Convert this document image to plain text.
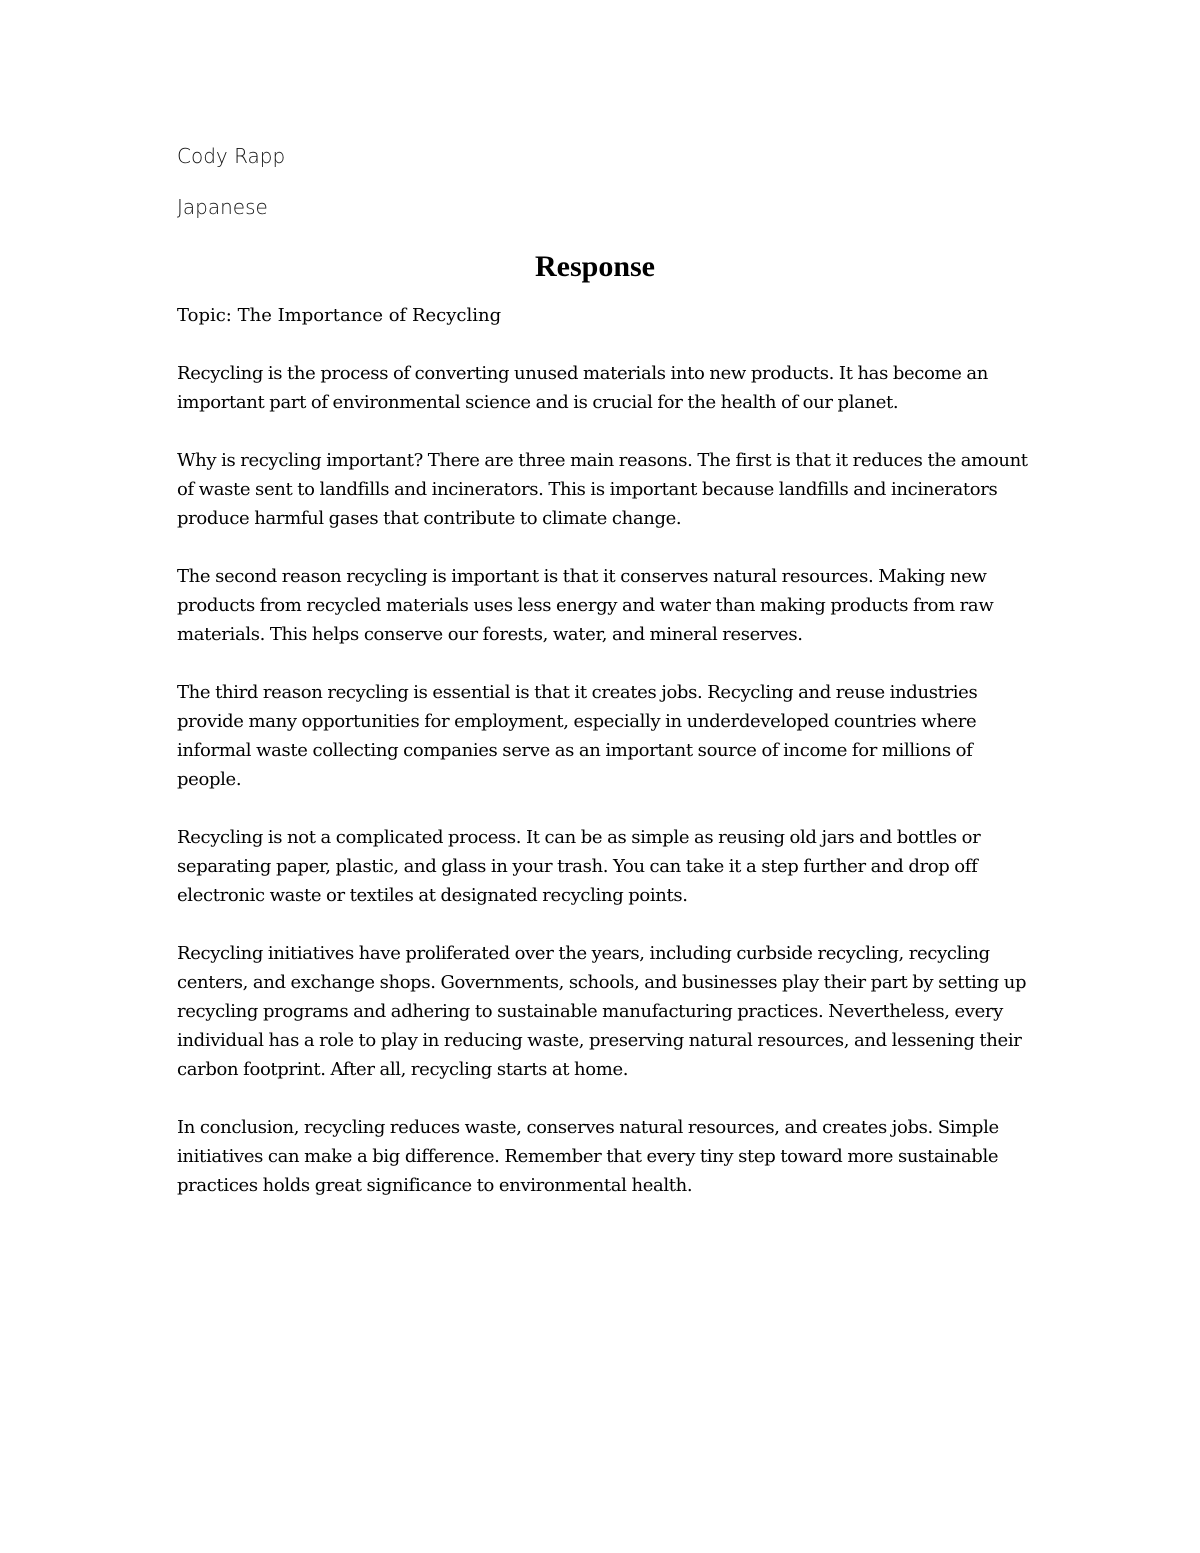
Cody Rapp

Japanese

Response

Topic: The Importance of Recycling

Recycling is the process of converting unused materials into new products. It has become an important part of environmental science and is crucial for the health of our planet.

Why is recycling important? There are three main reasons. The first is that it reduces the amount of waste sent to landfills and incinerators. This is important because landfills and incinerators produce harmful gases that contribute to climate change.

The second reason recycling is important is that it conserves natural resources. Making new products from recycled materials uses less energy and water than making products from raw materials. This helps conserve our forests, water, and mineral reserves.

The third reason recycling is essential is that it creates jobs. Recycling and reuse industries provide many opportunities for employment, especially in underdeveloped countries where informal waste collecting companies serve as an important source of income for millions of people.

Recycling is not a complicated process. It can be as simple as reusing old jars and bottles or separating paper, plastic, and glass in your trash. You can take it a step further and drop off electronic waste or textiles at designated recycling points.

Recycling initiatives have proliferated over the years, including curbside recycling, recycling centers, and exchange shops. Governments, schools, and businesses play their part by setting up recycling programs and adhering to sustainable manufacturing practices. Nevertheless, every individual has a role to play in reducing waste, preserving natural resources, and lessening their carbon footprint. After all, recycling starts at home.

In conclusion, recycling reduces waste, conserves natural resources, and creates jobs. Simple initiatives can make a big difference. Remember that every tiny step toward more sustainable practices holds great significance to environmental health.
